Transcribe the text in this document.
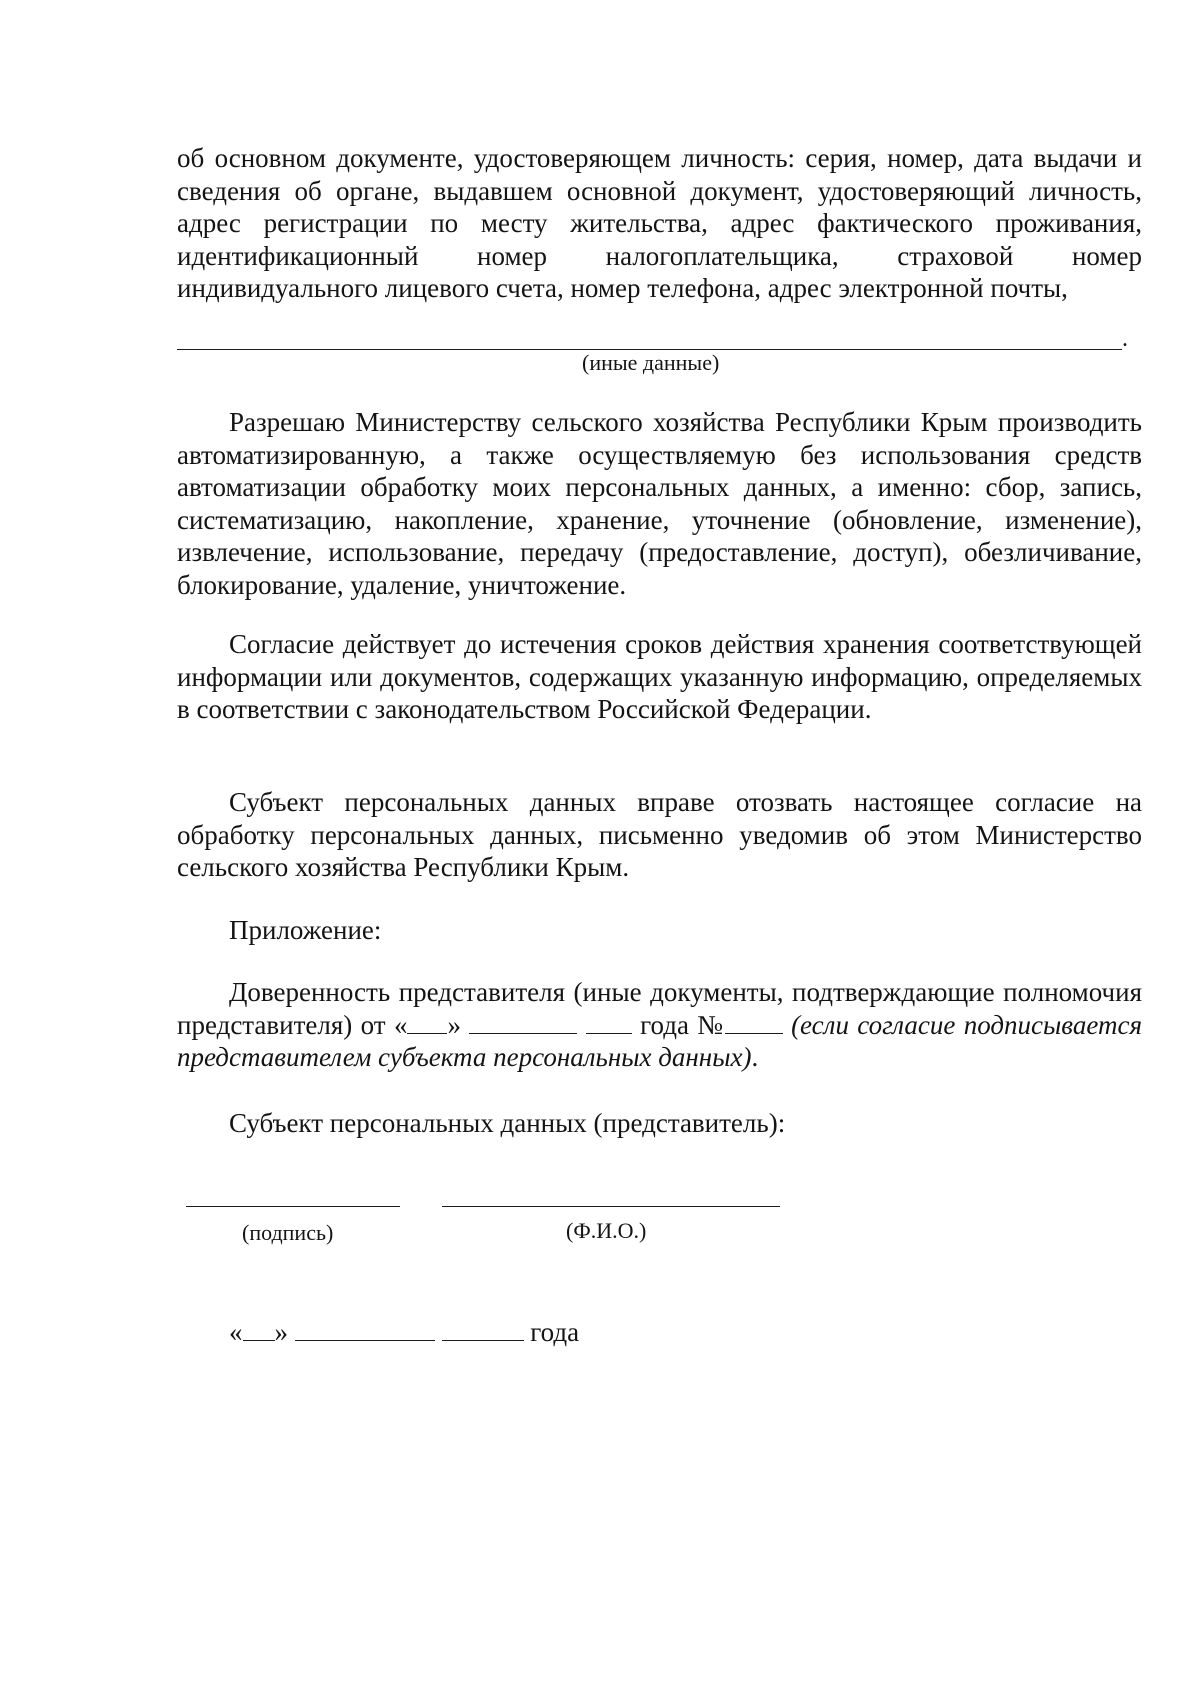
об основном документе, удостоверяющем личность: серия, номер, дата выдачи и сведения об органе, выдавшем основной документ, удостоверяющий личность, адрес регистрации по месту жительства, адрес фактического проживания, идентификационный номер налогоплательщика, страховой номер индивидуального лицевого счета, номер телефона, адрес электронной почты,

.
(иные данные)

Разрешаю Министерству сельского хозяйства Республики Крым производить автоматизированную, а также осуществляемую без использования средств автоматизации обработку моих персональных данных, а именно: сбор, запись, систематизацию, накопление, хранение, уточнение (обновление, изменение), извлечение, использование, передачу (предоставление, доступ), обезличивание, блокирование, удаление, уничтожение.

Согласие действует до истечения сроков действия хранения соответствующей информации или документов, содержащих указанную информацию, определяемых в соответствии с законодательством Российской Федерации.

Субъект персональных данных вправе отозвать настоящее согласие на обработку персональных данных, письменно уведомив об этом Министерство сельского хозяйства Республики Крым.

Приложение:

Доверенность представителя (иные документы, подтверждающие полномочия представителя) от « »	года № (если согласие подписывается представителем субъекта персональных данных).

Субъект персональных данных (представитель):
(подпись)	(Ф.И.О.)
« »	года
